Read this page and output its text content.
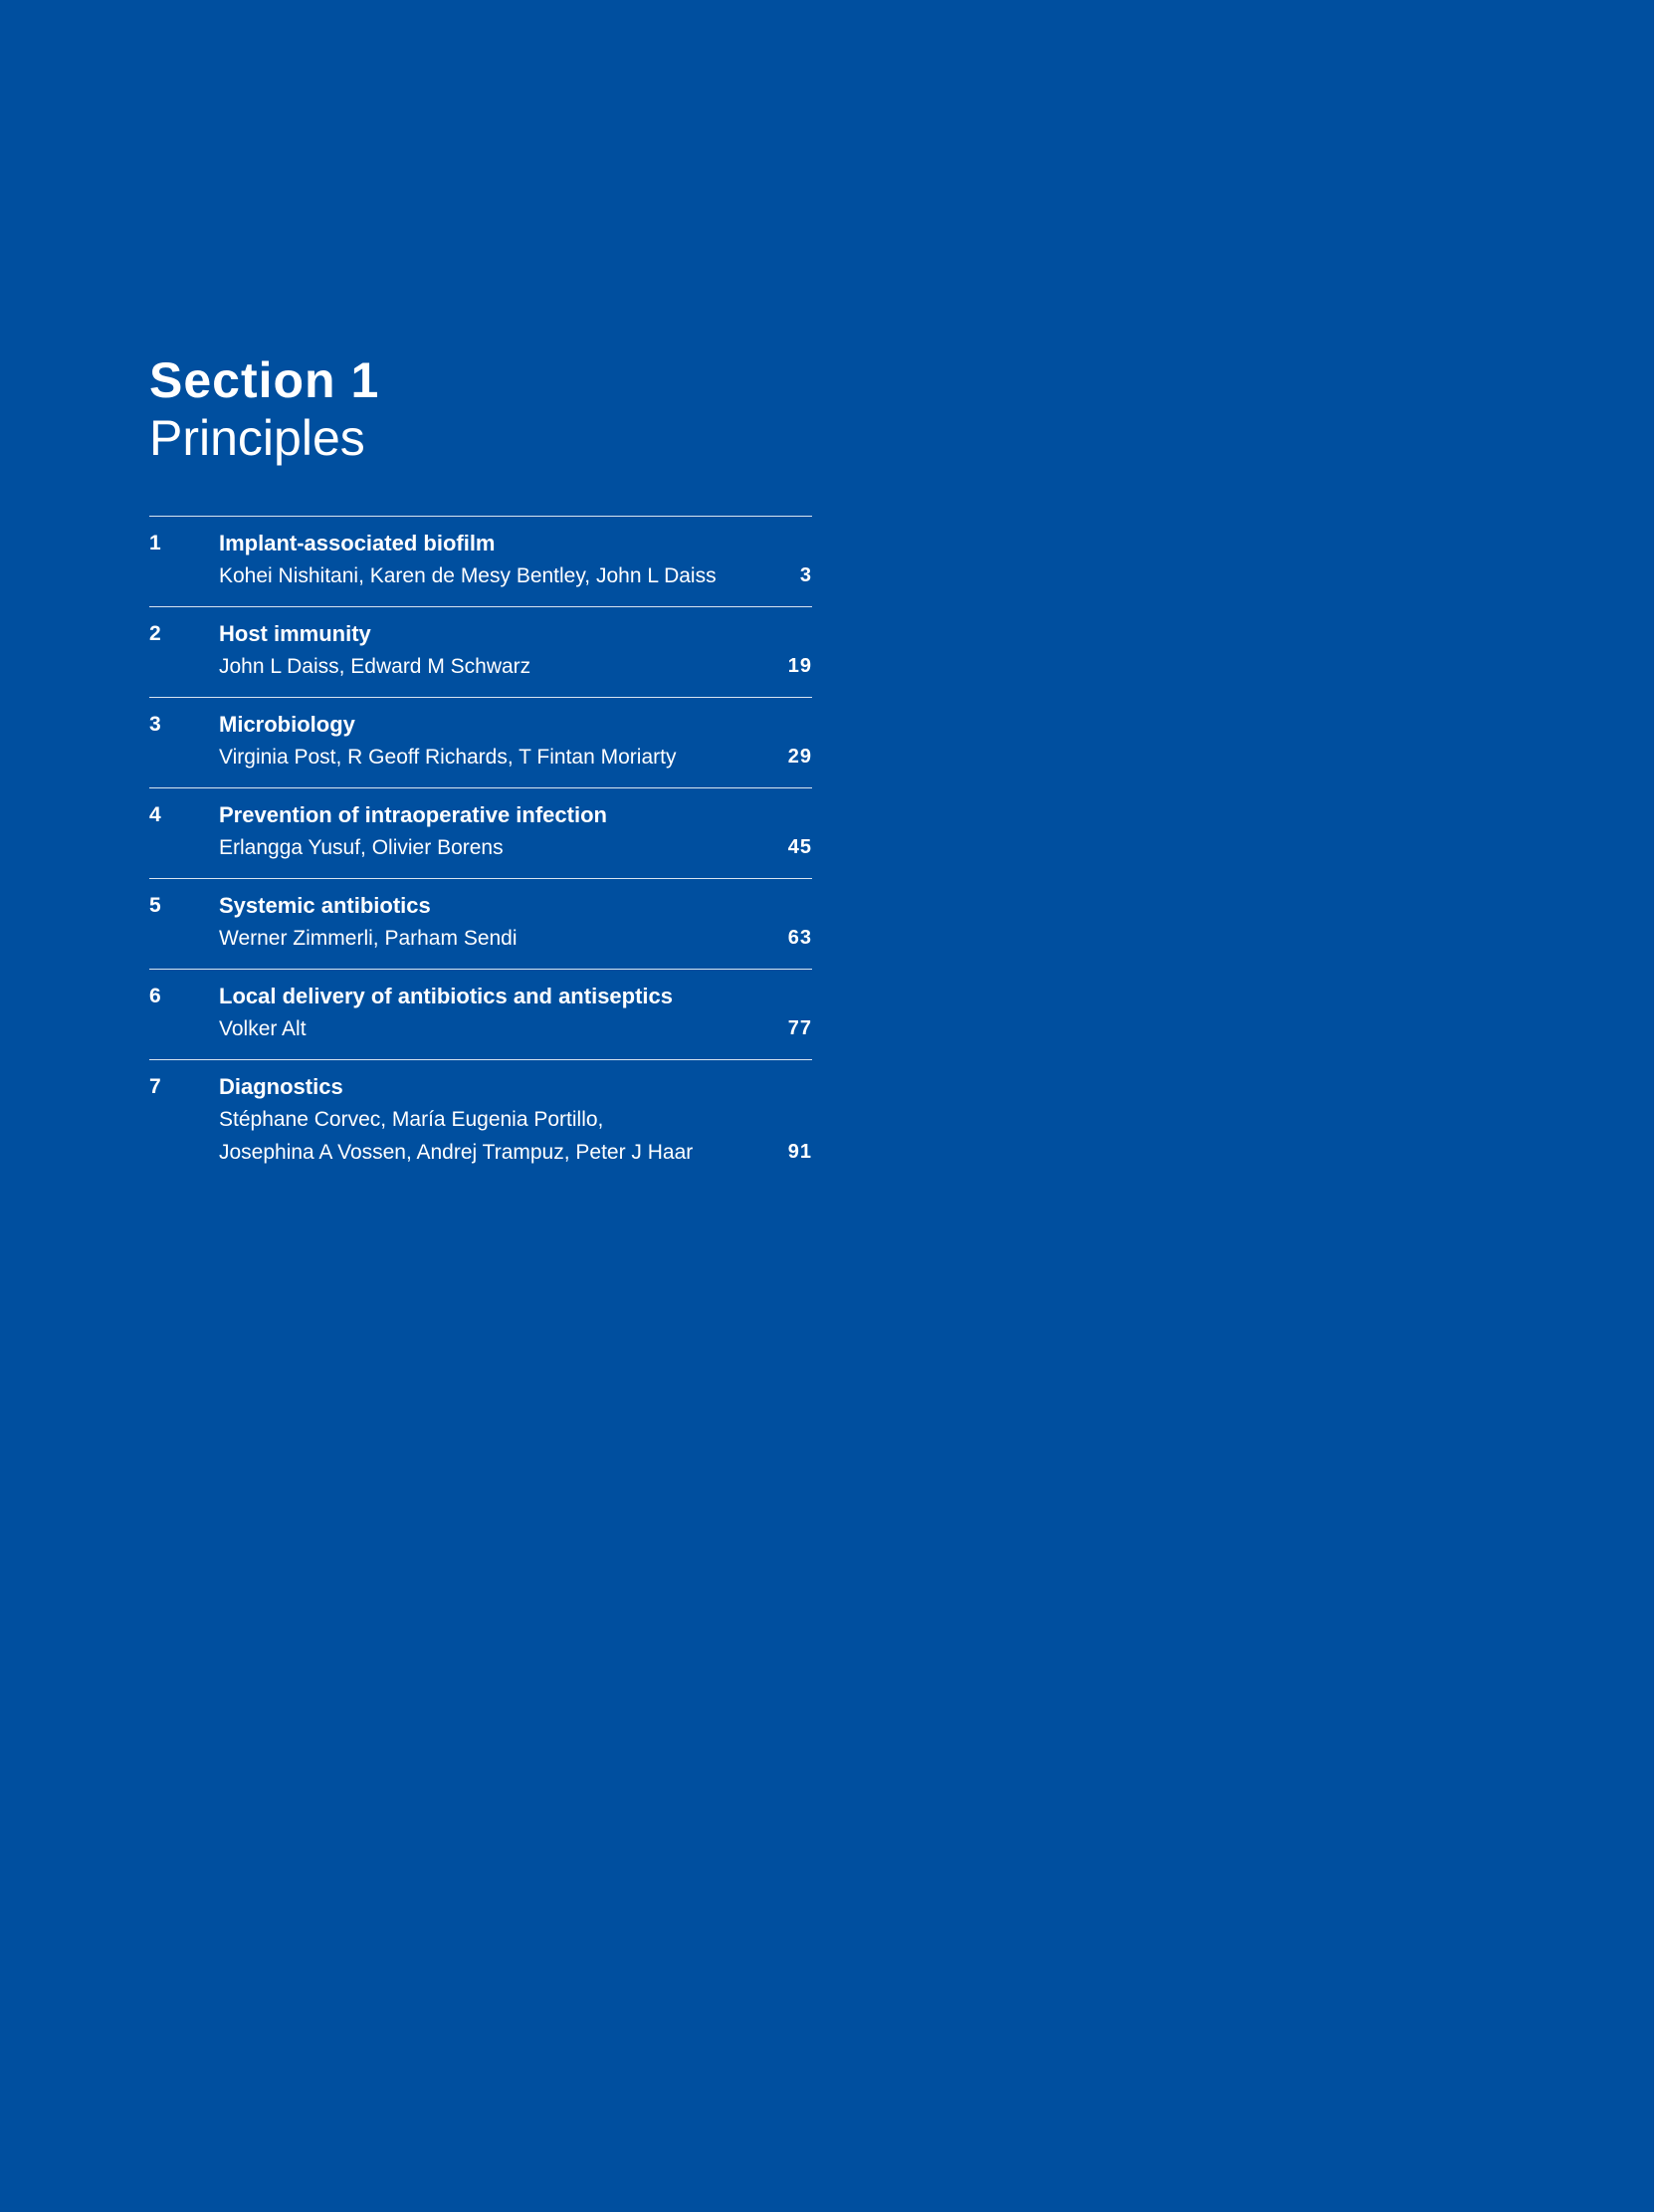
Section 1
Principles
1	Implant-associated biofilm
Kohei Nishitani, Karen de Mesy Bentley, John L Daiss	3
2	Host immunity
John L Daiss, Edward M Schwarz	19
3	Microbiology
Virginia Post, R Geoff Richards, T Fintan Moriarty	29
4	Prevention of intraoperative infection
Erlangga Yusuf, Olivier Borens	45
5	Systemic antibiotics
Werner Zimmerli, Parham Sendi	63
6	Local delivery of antibiotics and antiseptics
Volker Alt	77
7	Diagnostics
Stéphane Corvec, María Eugenia Portillo,
Josephina A Vossen, Andrej Trampuz, Peter J Haar	91
